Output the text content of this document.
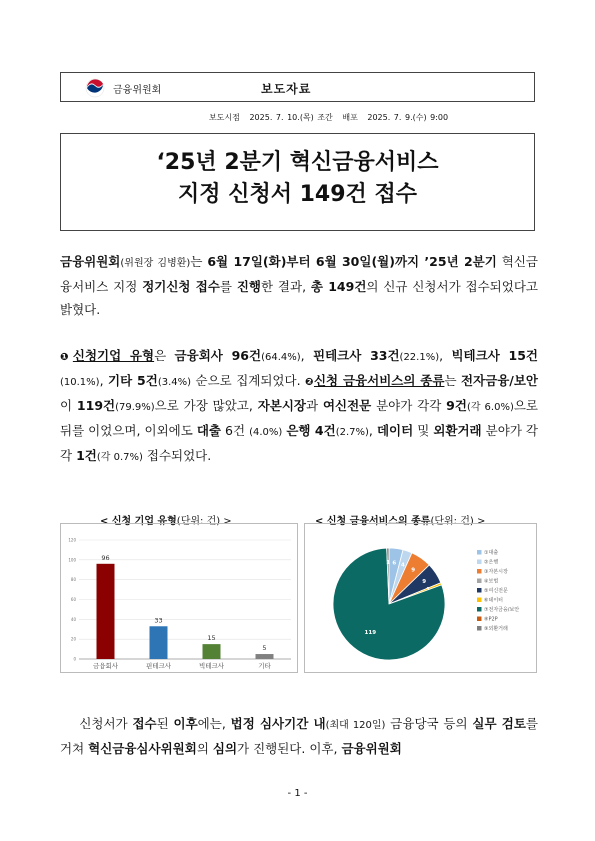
금융위원회	보도자료
보도시점 2025. 7. 10.(목) 조간 배포 2025. 7. 9.(수) 9:00
‘25년 2분기 혁신금융서비스
지정 신청서 149건 접수
금융위원회(위원장 김병환)는 6월 17일(화)부터 6월 30일(월)까지 ’25년 2분기 혁신금융서비스 지정 정기신청 접수를 진행한 결과, 총 149건의 신규 신청서가 접수되었다고 밝혔다.
❶신청기업 유형은 금융회사 96건(64.4%), 핀테크사 33건(22.1%), 빅테크사 15건(10.1%), 기타 5건(3.4%) 순으로 집계되었다. ❷신청 금융서비스의 종류는 전자금융/보안이 119건(79.9%)으로 가장 많았고, 자본시장과 여신전문 분야가 각각 9건(각 6.0%)으로 뒤를 이었으며, 이외에도 대출 6건 (4.0%) 은행 4건(2.7%), 데이터 및 외환거래 분야가 각각 1건(각 0.7%) 접수되었다.
< 신청 기업 유형(단위: 건) >	< 신청 금융서비스의 종류(단위: 건) >
0
20
40
60
80
100
120
96
금융회사
33
핀테크사
15
빅테크사
5
기타
6 4
9
9
119
1
①대출
②은행
③자본시장
④보험
⑤여신전문
⑥데이터
⑦전자금융/보안
⑧P2P
⑨외환거래
신청서가 접수된 이후에는, 법정 심사기간 내(최대 120일) 금융당국 등의 실무 검토를 거쳐 혁신금융심사위원회의 심의가 진행된다. 이후, 금융위원회
- 1 -
